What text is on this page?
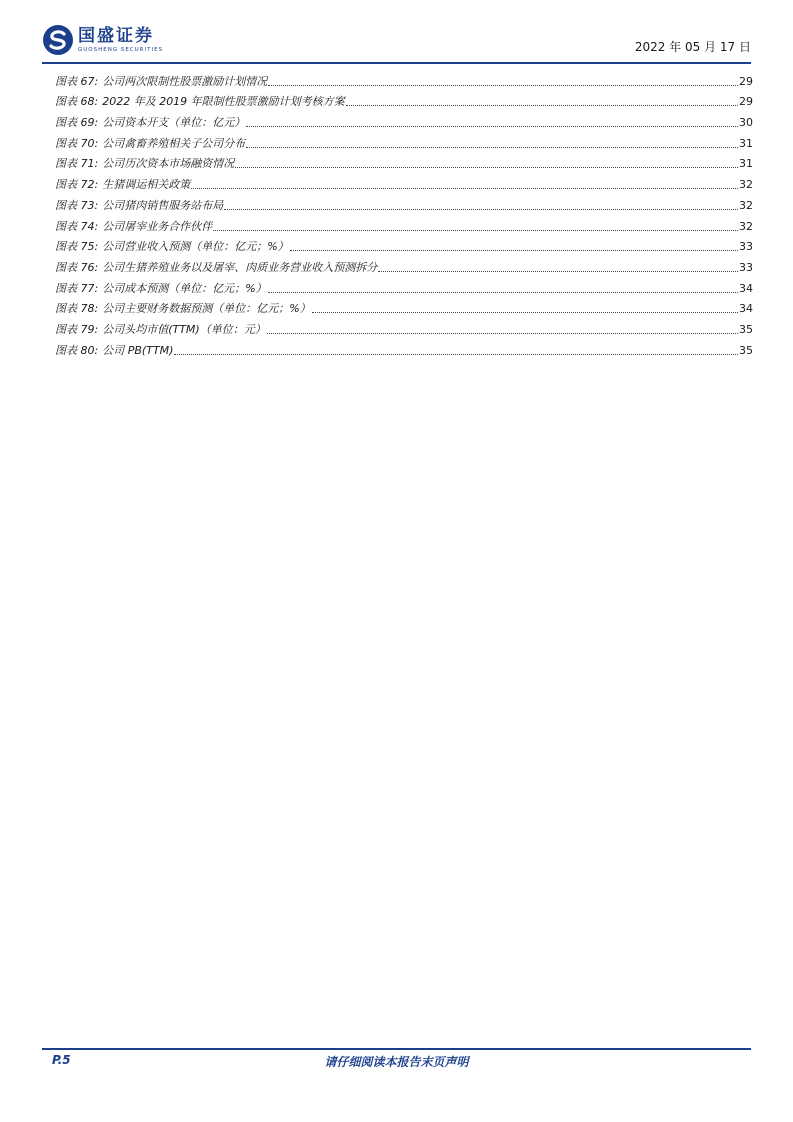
国盛证券
GUOSHENG SECURITIES	2022 年 05 月 17 日
图表 67: 公司两次限制性股票激励计划情况	29
图表 68: 2022 年及 2019 年限制性股票激励计划考核方案	29
图表 69: 公司资本开支（单位：亿元）	30
图表 70: 公司禽畜养殖相关子公司分布	31
图表 71: 公司历次资本市场融资情况	31
图表 72: 生猪调运相关政策	32
图表 73: 公司猪肉销售服务站布局	32
图表 74: 公司屠宰业务合作伙伴	32
图表 75: 公司营业收入预测（单位：亿元；%）	33
图表 76: 公司生猪养殖业务以及屠宰、肉质业务营业收入预测拆分	33
图表 77: 公司成本预测（单位：亿元；%）	34
图表 78: 公司主要财务数据预测（单位：亿元；%）	34
图表 79: 公司头均市值(TTM)（单位：元）	35
图表 80: 公司 PB(TTM)	35
P.5	请仔细阅读本报告末页声明
